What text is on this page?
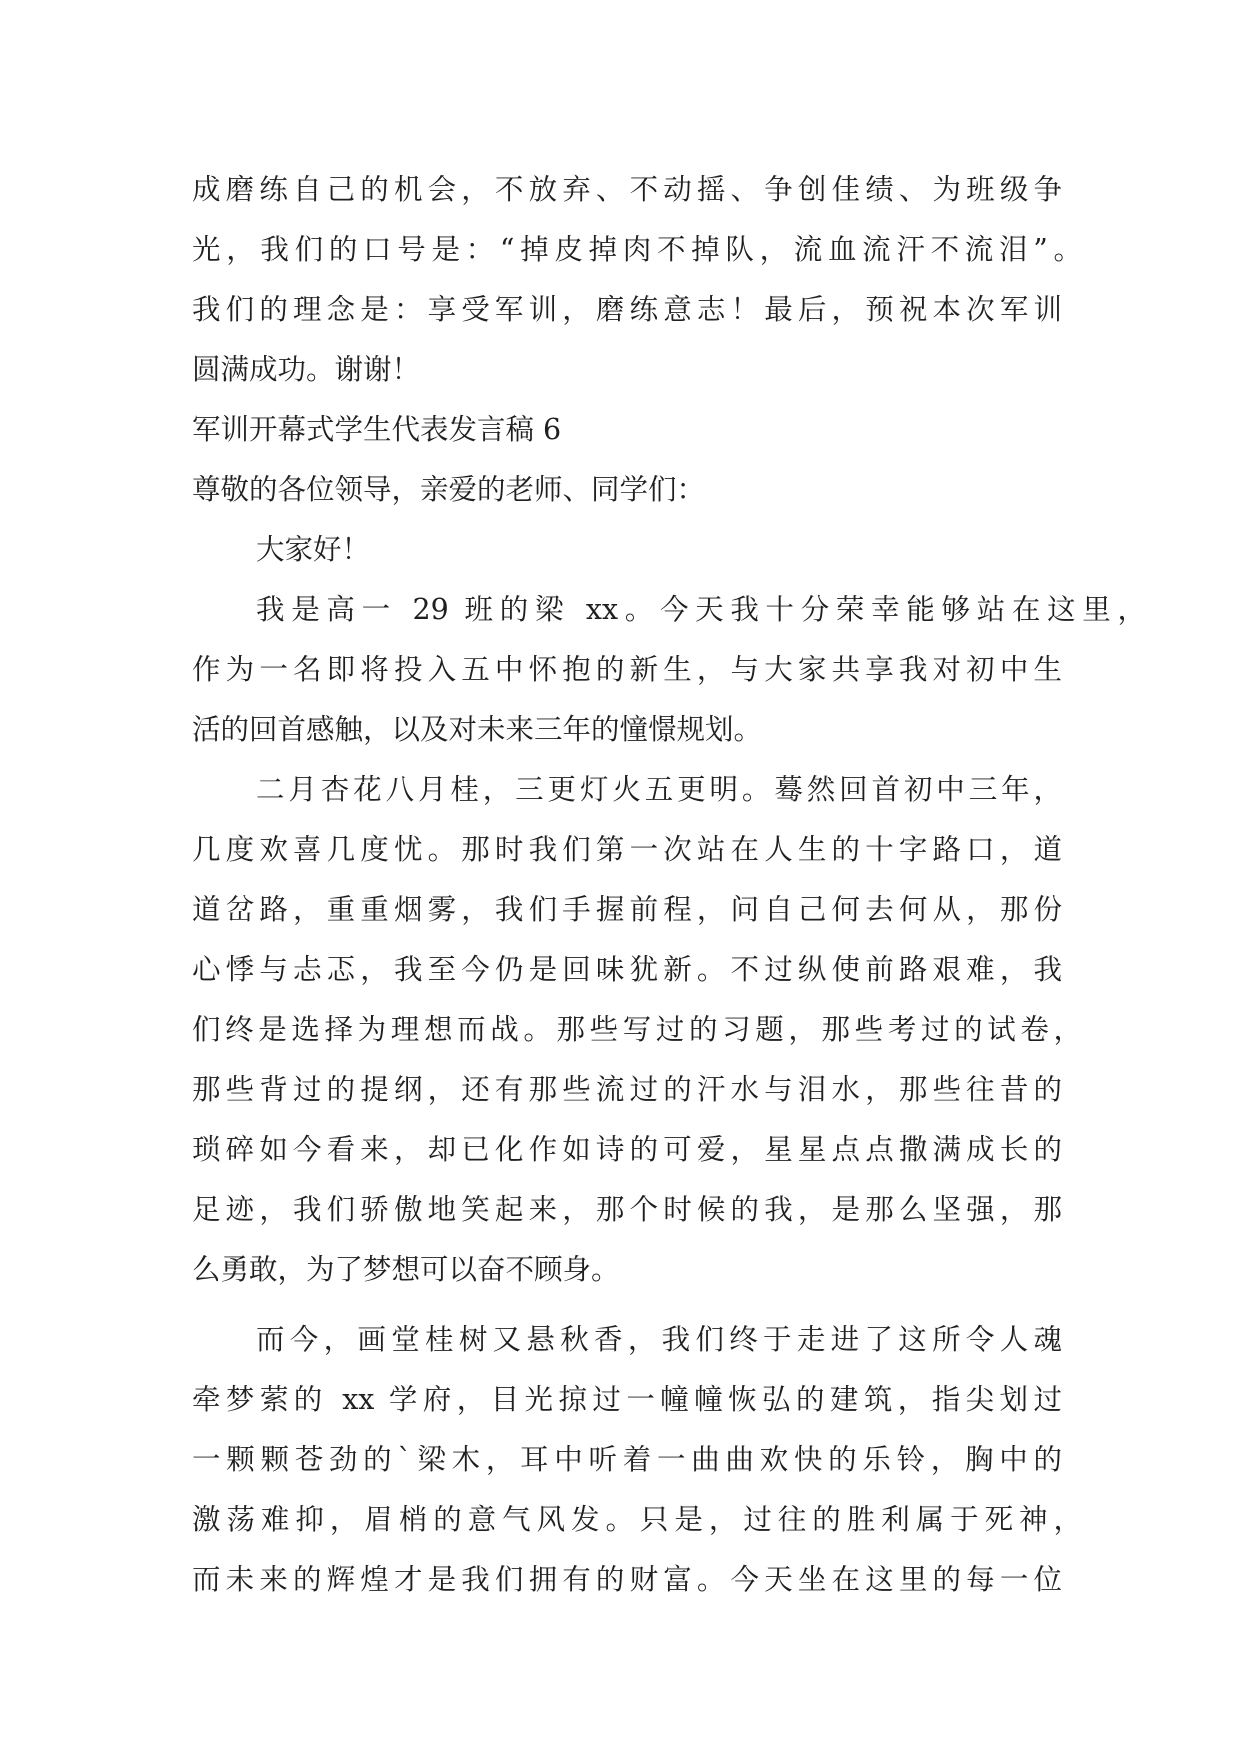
成磨练自己的机会，不放弃、不动摇、争创佳绩、为班级争
光，我们的口号是：“掉皮掉肉不掉队，流血流汗不流泪”。
我们的理念是：享受军训，磨练意志！最后，预祝本次军训
圆满成功。谢谢！
军训开幕式学生代表发言稿 6
尊敬的各位领导，亲爱的老师、同学们：
大家好！
我是高一 29 班的梁 xx。今天我十分荣幸能够站在这里，
作为一名即将投入五中怀抱的新生，与大家共享我对初中生
活的回首感触，以及对未来三年的憧憬规划。
二月杏花八月桂，三更灯火五更明。蓦然回首初中三年，
几度欢喜几度忧。那时我们第一次站在人生的十字路口，道
道岔路，重重烟雾，我们手握前程，问自己何去何从，那份
心悸与忐忑，我至今仍是回味犹新。不过纵使前路艰难，我
们终是选择为理想而战。那些写过的习题，那些考过的试卷，
那些背过的提纲，还有那些流过的汗水与泪水，那些往昔的
琐碎如今看来，却已化作如诗的可爱，星星点点撒满成长的
足迹，我们骄傲地笑起来，那个时候的我，是那么坚强，那
么勇敢，为了梦想可以奋不顾身。
而今，画堂桂树又悬秋香，我们终于走进了这所令人魂
牵梦萦的 xx 学府，目光掠过一幢幢恢弘的建筑，指尖划过
一颗颗苍劲的`梁木，耳中听着一曲曲欢快的乐铃，胸中的
激荡难抑，眉梢的意气风发。只是，过往的胜利属于死神，
而未来的辉煌才是我们拥有的财富。今天坐在这里的每一位
